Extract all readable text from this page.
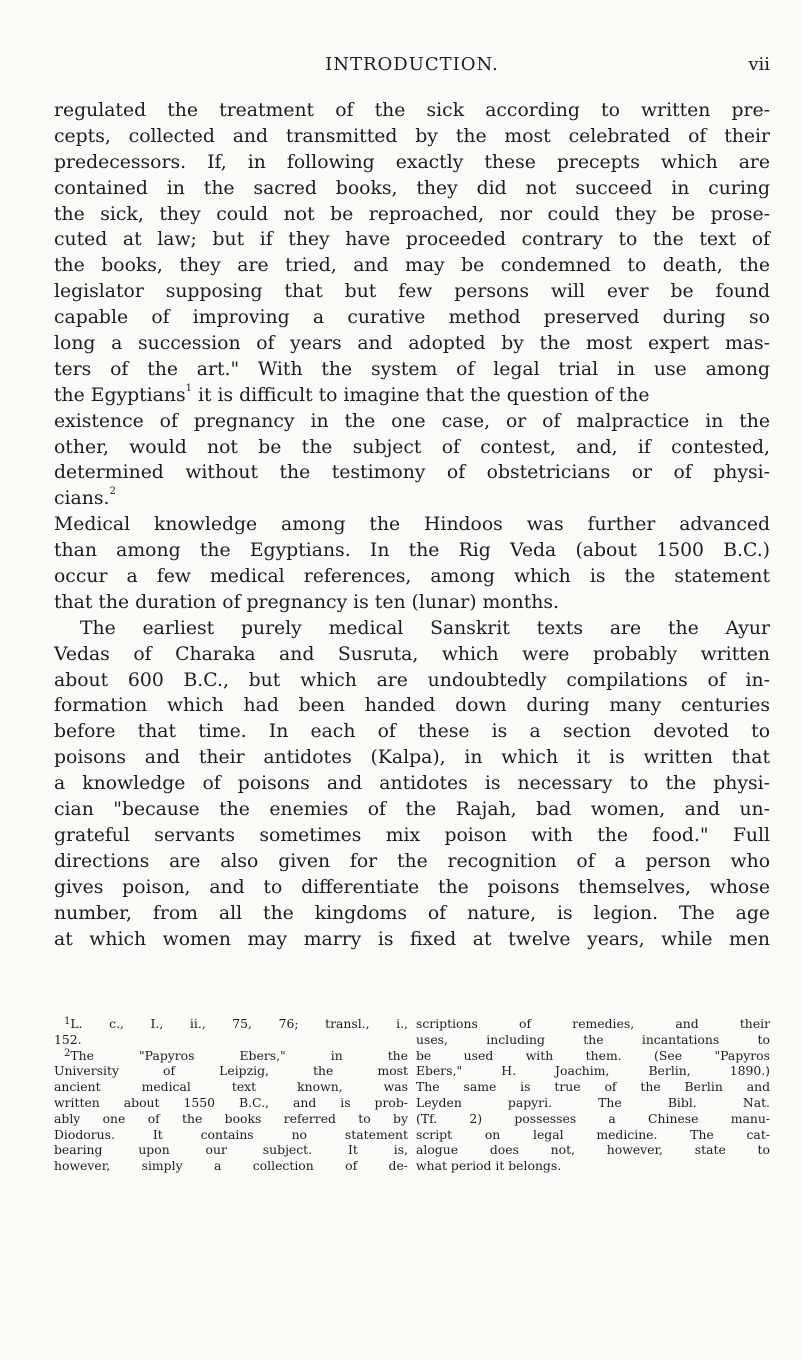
INTRODUCTION.	vii
regulated the treatment of the sick according to written pre-
cepts, collected and transmitted by the most celebrated of their
predecessors. If, in following exactly these precepts which are
contained in the sacred books, they did not succeed in curing
the sick, they could not be reproached, nor could they be prose-
cuted at law; but if they have proceeded contrary to the text of
the books, they are tried, and may be condemned to death, the
legislator supposing that but few persons will ever be found
capable of improving a curative method preserved during so
long a succession of years and adopted by the most expert mas-
ters of the art." With the system of legal trial in use among
the Egyptians$^1$ it is difficult to imagine that the question of the
existence of pregnancy in the one case, or of malpractice in the
other, would not be the subject of contest, and, if contested,
determined without the testimony of obstetricians or of physi-
cians.$^2$
Medical knowledge among the Hindoos was further advanced
than among the Egyptians. In the Rig Veda (about 1500 B.C.)
occur a few medical references, among which is the statement
that the duration of pregnancy is ten (lunar) months.
The earliest purely medical Sanskrit texts are the Ayur
Vedas of Charaka and Susruta, which were probably written
about 600 B.C., but which are undoubtedly compilations of in-
formation which had been handed down during many centuries
before that time. In each of these is a section devoted to
poisons and their antidotes (Kalpa), in which it is written that
a knowledge of poisons and antidotes is necessary to the physi-
cian "because the enemies of the Rajah, bad women, and un-
grateful servants sometimes mix poison with the food." Full
directions are also given for the recognition of a person who
gives poison, and to differentiate the poisons themselves, whose
number, from all the kingdoms of nature, is legion. The age
at which women may marry is fixed at twelve years, while men
$^1$L. c., I., ii., 75, 76; transl., i.,
152.
$^2$The "Papyros Ebers," in the
University of Leipzig, the most
ancient medical text known, was
written about 1550 B.C., and is prob-
ably one of the books referred to by
Diodorus. It contains no statement
bearing upon our subject. It is,
however, simply a collection of de-
scriptions of remedies, and their
uses, including the incantations to
be used with them. (See "Papyros
Ebers," H. Joachim, Berlin, 1890.)
The same is true of the Berlin and
Leyden papyri. The Bibl. Nat.
(Tf. 2) possesses a Chinese manu-
script on legal medicine. The cat-
alogue does not, however, state to
what period it belongs.
